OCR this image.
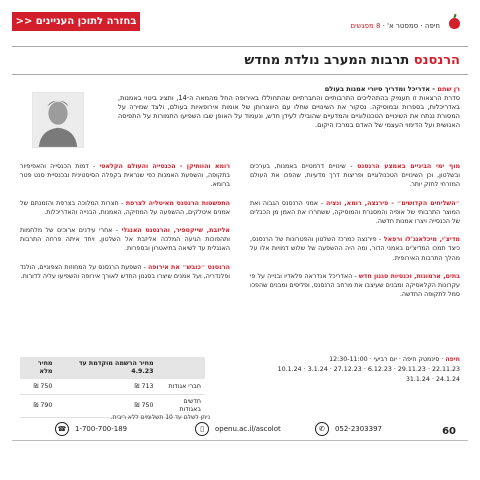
בחזרה לתוכן העניינים <<	חיפה · סמסטר א' · 8 מפגשים
הרנסנס תרבות המערב נולדת מחדש
רן שחם - אדריכל ומדריך סיורי אמנות בעולם

סדרת הרצאות זו תעמיק בהתהליכים התרבותיים והחברתיים שהתחוללו באירופה החל מהמאה ה-14, ותציג ביטוי באמנות, באדריכלות, בספרות ובמוסיקה. נסקור את השינויים שחלו עם היווצרותן של אומות אירופאיות בעולם, ולצד שמירה על המסורת ננתח את השינויים הטכנולוגיים והמדעיים שהובילו לעידן חדש, ונעמוד על האופן שבו השפיעו התמורות על התפיסה האנושית ועל הדימוי העצמי של האדם במרכז היקום.

מוף ימי הביניים באמצע הרנסנס - שינויים דרמטיים באמנות, בערכים ובשלטון, וכן השינויים הטכנולוגיים ופריצות דרך מדעיות, שהפכו את העולם המזרחי לחזק יותר.

״השליחים הקדושים״ - פירנצה, רומא, ונציה - אמני הרנסנס הגבוה ואת המוצר התרבותי של אופיה והמסגרת והמוסיקה, ששחררו את האמן מן הכבלים של הכנסייה ויצרו אמנות חדשה.

מדיצ'י, מיכלאנג'לו ורפאל - פירנצה כמרכז השלטון והפטרונות של הרנסנס, כיצד תמכו המדיצ'ים באמני הדור, ומה היה ההשפעה של שלוש דמויות אלו על מהלך התרבות האירופית.

בתים, ארמונות, וכנסיות סגנון חדש - האדריכל אנדראה פלאדיו ובנייה על פי עקרונות הקלאסיקה ומבנים שעיצבו את מרחב הרנסנס, ופליסים ומבנים שהפכו סמל לתקופה החדשה.

רומא והוותיקן - הכנסייה והעולם הקלאסי - דמות הכנסייה והאפיפיור בתקופה, והשפעת האמנות כפי שנראית בקפלה הסיסטינית ובכנסיית סנט פטר ברומא.

התפשטות הרנסנס מאיטליה לצרפת - חצרות המלוכה בצרפת והזמנתם של אמנים איטלקים, ההשפעה על המוזיקה, האמנות, הבנייה והאדריכלות.

אליזבת, שייקספיר, והרנסנס האנגלי - אחרי עידנים ארוכים של מלחמות ותהפוכות הגיעה המלכה אליזבת אל השלטון, ויחד איתה פרחה התרבות האנגלית עד לשיאה בתיאטרון ובספרות.

הרנסנס ״כובש״ את אירופה - השפעת הרנסנס על המחוזות הצפוניים, הולנד ופלנדריה, ועל אמנים שיצרו בסגנון החדש לאורך אירופה והשפיעו עליה לדורות.

חיפה · סינמטק חיפה · יום רביעי · 12:30-11:00
22.11.23 · 29.11.23 · 6.12.23 · 27.12.23 · 3.1.24 · 10.1.24
24.1.24 · 31.1.24
	מחיר הרשמה מוקדמת עד 4.9.23	מחיר מלא
חברי אגודות	713 ₪	750 ₪
חדשים באגודות	750 ₪	790 ₪
ניתן לשלם עד 10 תשלומים ללא ריבית.
60
052-2303397
✆
openu.ac.il/ascolot
▯
1-700-700-189
☎
